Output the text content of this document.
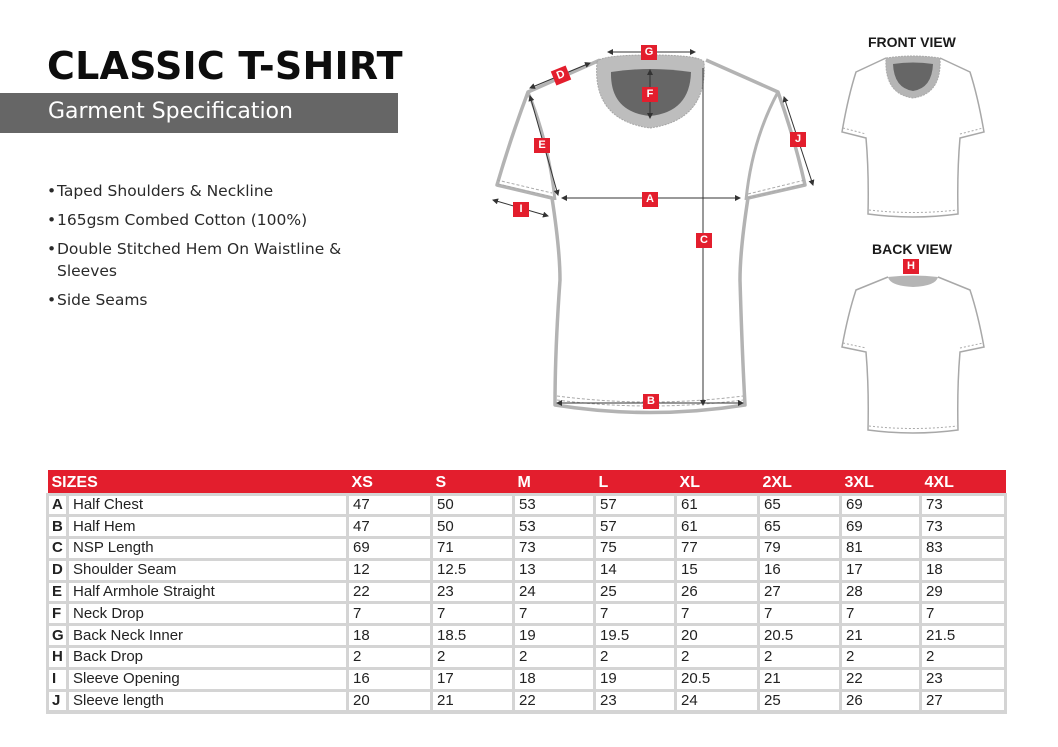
CLASSIC T-SHIRT
Garment Specification
• Taped Shoulders & Neckline
• 165gsm Combed Cotton (100%)
• Double Stitched Hem On Waistline & Sleeves
• Side Seams
G
F
D
E
A
C
B
I
J
FRONT VIEW
BACK VIEW
H
SIZES		XS	S	M	L	XL	2XL	3XL	4XL
A	Half Chest	47	50	53	57	61	65	69	73
B	Half Hem	47	50	53	57	61	65	69	73
C	NSP Length	69	71	73	75	77	79	81	83
D	Shoulder Seam	12	12.5	13	14	15	16	17	18
E	Half Armhole Straight	22	23	24	25	26	27	28	29
F	Neck Drop	7	7	7	7	7	7	7	7
G	Back Neck Inner	18	18.5	19	19.5	20	20.5	21	21.5
H	Back Drop	2	2	2	2	2	2	2	2
I	Sleeve Opening	16	17	18	19	20.5	21	22	23
J	Sleeve length	20	21	22	23	24	25	26	27
